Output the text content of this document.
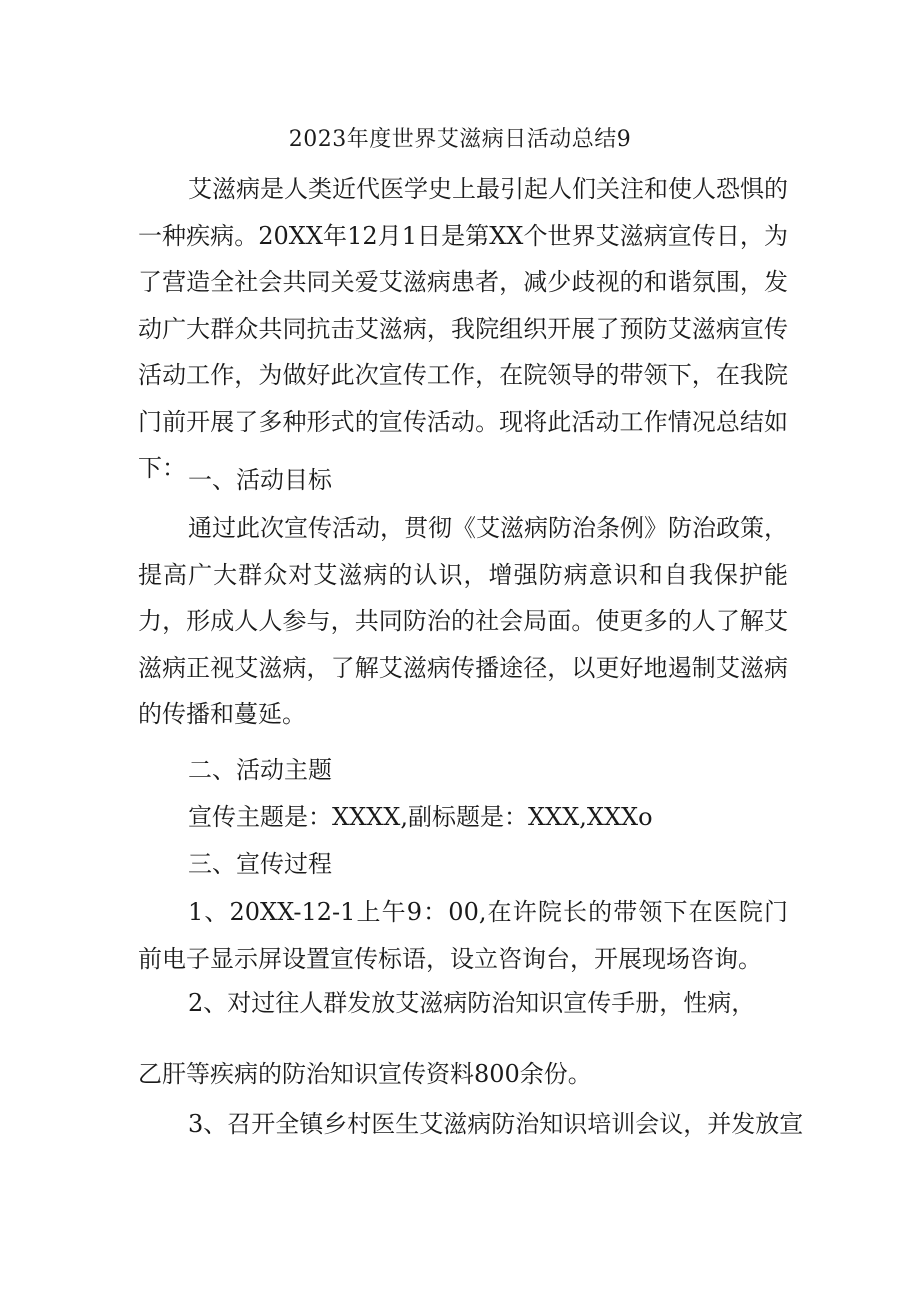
2023年度世界艾滋病日活动总结9

艾滋病是人类近代医学史上最引起人们关注和使人恐惧的一种疾病。20XX年12月1日是第XX个世界艾滋病宣传日，为了营造全社会共同关爱艾滋病患者，减少歧视的和谐氛围，发动广大群众共同抗击艾滋病，我院组织开展了预防艾滋病宣传活动工作，为做好此次宣传工作，在院领导的带领下，在我院门前开展了多种形式的宣传活动。现将此活动工作情况总结如下： 一、活动目标

通过此次宣传活动，贯彻《艾滋病防治条例》防治政策，提高广大群众对艾滋病的认识，增强防病意识和自我保护能力，形成人人参与，共同防治的社会局面。使更多的人了解艾滋病正视艾滋病，了解艾滋病传播途径，以更好地遏制艾滋病的传播和蔓延。

二、活动主题

宣传主题是：XXXX,副标题是：XXX,XXXo

三、宣传过程

1、20XX-12-1上午9：00,在许院长的带领下在医院门前电子显示屏设置宣传标语，设立咨询台，开展现场咨询。

2、对过往人群发放艾滋病防治知识宣传手册，性病，

乙肝等疾病的防治知识宣传资料800余份。

3、召开全镇乡村医生艾滋病防治知识培训会议，并发放宣
